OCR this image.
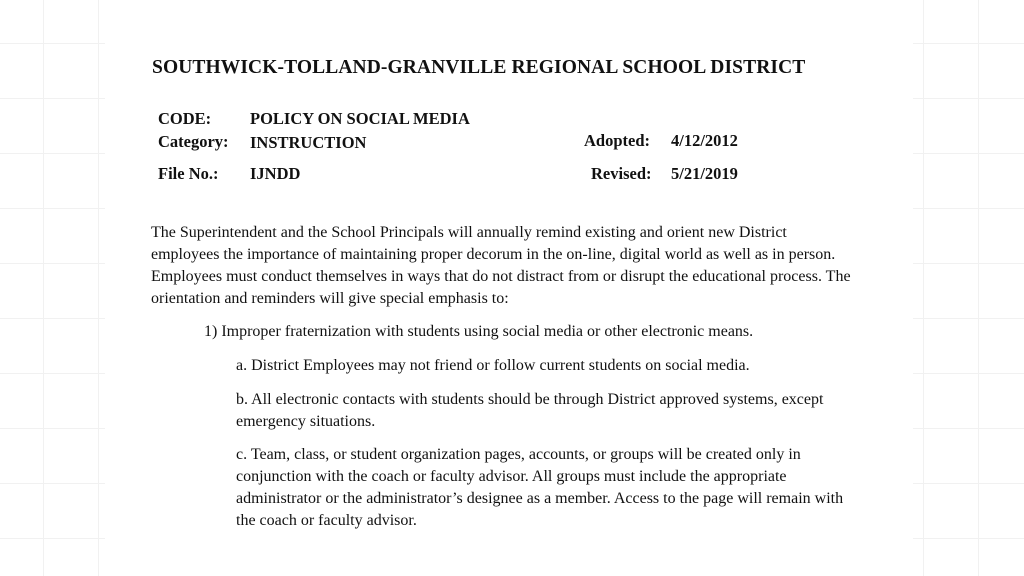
SOUTHWICK-TOLLAND-GRANVILLE REGIONAL SCHOOL DISTRICT
CODE: POLICY ON SOCIAL MEDIA
Category: INSTRUCTION	Adopted: 4/12/2012
File No.: IJNDD	Revised: 5/21/2019
The Superintendent and the School Principals will annually remind existing and orient new District employees the importance of maintaining proper decorum in the on-line, digital world as well as in person. Employees must conduct themselves in ways that do not distract from or disrupt the educational process. The orientation and reminders will give special emphasis to:
1) Improper fraternization with students using social media or other electronic means.
a. District Employees may not friend or follow current students on social media.
b. All electronic contacts with students should be through District approved systems, except emergency situations.
c. Team, class, or student organization pages, accounts, or groups will be created only in conjunction with the coach or faculty advisor. All groups must include the appropriate administrator or the administrator’s designee as a member. Access to the page will remain with the coach or faculty advisor.
